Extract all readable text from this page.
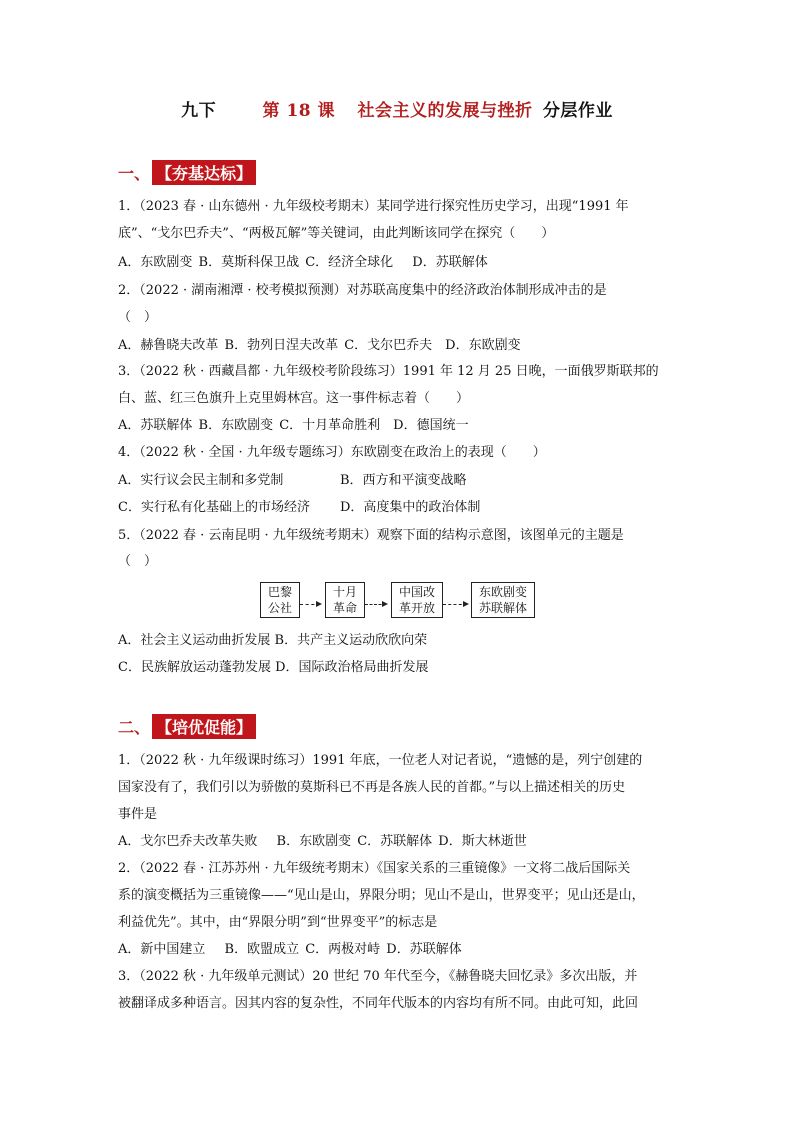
九下	第 18 课 社会主义的发展与挫折 分层作业
一、 【夯基达标】
1．（2023 春 · 山东德州 · 九年级校考期末）某同学进行探究性历史学习，出现“1991 年
底”、“戈尔巴乔夫”、“两极瓦解”等关键词，由此判断该同学在探究（　　）
A．东欧剧变 B．莫斯科保卫战 C．经济全球化　 D．苏联解体
2．（2022 · 湖南湘潭 · 校考模拟预测）对苏联高度集中的经济政治体制形成冲击的是
（　）
A．赫鲁晓夫改革 B．勃列日涅夫改革 C．戈尔巴乔夫　D．东欧剧变
3．（2022 秋 · 西藏昌都 · 九年级校考阶段练习）1991 年 12 月 25 日晚，一面俄罗斯联邦的
白、蓝、红三色旗升上克里姆林宫。这一事件标志着（　　）
A．苏联解体 B．东欧剧变 C．十月革命胜利　D．德国统一
4．（2022 秋 · 全国 · 九年级专题练习）东欧剧变在政治上的表现（　　）
A．实行议会民主制和多党制	B．西方和平演变战略
C．实行私有化基础上的市场经济 D．高度集中的政治体制
5．（2022 春 · 云南昆明 · 九年级统考期末）观察下面的结构示意图，该图单元的主题是
（　）
巴黎
公社
十月
革命
中国改
革开放
东欧剧变
苏联解体
A．社会主义运动曲折发展 B．共产主义运动欣欣向荣
C．民族解放运动蓬勃发展 D．国际政治格局曲折发展
二、 【培优促能】
1．（2022 秋 · 九年级课时练习）1991 年底，一位老人对记者说，“遗憾的是，列宁创建的
国家没有了，我们引以为骄傲的莫斯科已不再是各族人民的首都。”与以上描述相关的历史
事件是
A．戈尔巴乔夫改革失败　 B．东欧剧变 C．苏联解体 D．斯大林逝世
2．（2022 春 · 江苏苏州 · 九年级统考期末）《国家关系的三重镜像》一文将二战后国际关
系的演变概括为三重镜像——“见山是山，界限分明；见山不是山，世界变平；见山还是山，
利益优先”。其中，由“界限分明”到“世界变平”的标志是
A．新中国建立　 B．欧盟成立 C．两极对峙 D．苏联解体
3．（2022 秋 · 九年级单元测试）20 世纪 70 年代至今，《赫鲁晓夫回忆录》多次出版，并
被翻译成多种语言。因其内容的复杂性，不同年代版本的内容均有所不同。由此可知，此回
